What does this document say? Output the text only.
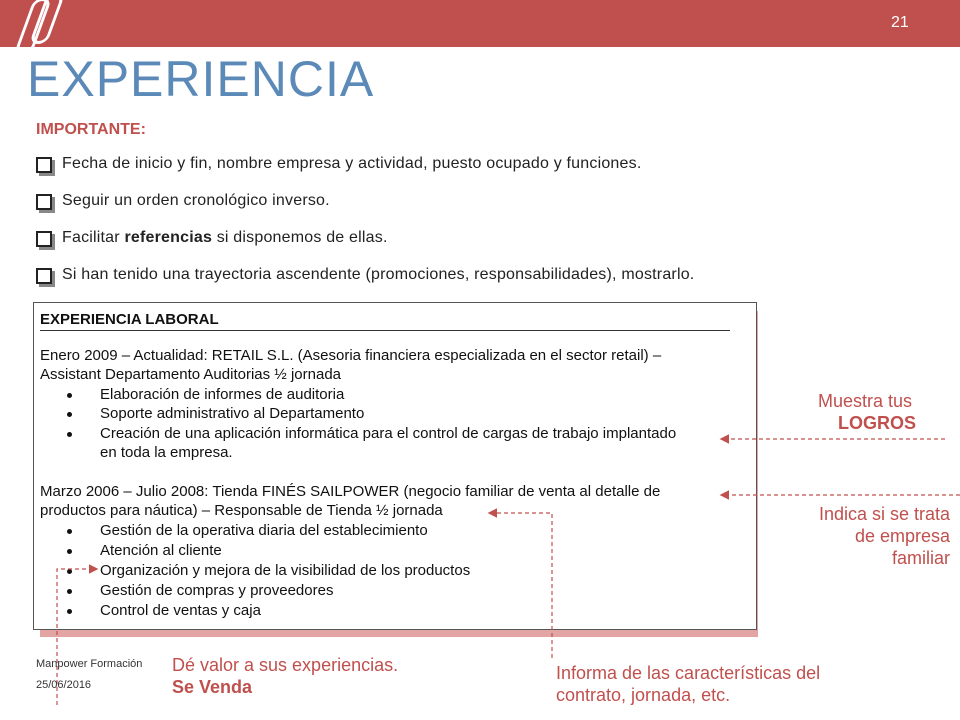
21
EXPERIENCIA
IMPORTANTE:
Fecha de inicio y fin, nombre empresa y actividad, puesto ocupado y funciones.
Seguir un orden cronológico inverso.
Facilitar referencias si disponemos de ellas.
Si han tenido una trayectoria ascendente (promociones, responsabilidades), mostrarlo.
EXPERIENCIA LABORAL
Enero 2009 – Actualidad: RETAIL S.L. (Asesoria financiera especializada en el sector retail) –
Assistant Departamento Auditorias ½ jornada
Elaboración de informes de auditoria
Soporte administrativo al Departamento
Creación de una aplicación informática para el control de cargas de trabajo implantado
en toda la empresa.
Marzo 2006 – Julio 2008: Tienda FINÉS SAILPOWER (negocio familiar de venta al detalle de
productos para náutica) – Responsable de Tienda ½ jornada
Gestión de la operativa diaria del establecimiento
Atención al cliente
Organización y mejora de la visibilidad de los productos
Gestión de compras y proveedores
Control de ventas y caja
Muestra tus
LOGROS
Indica si se trata
de empresa
familiar
Dé valor a sus experiencias.
Se Venda
Informa de las características del
contrato, jornada, etc.
Manpower Formación
25/06/2016
